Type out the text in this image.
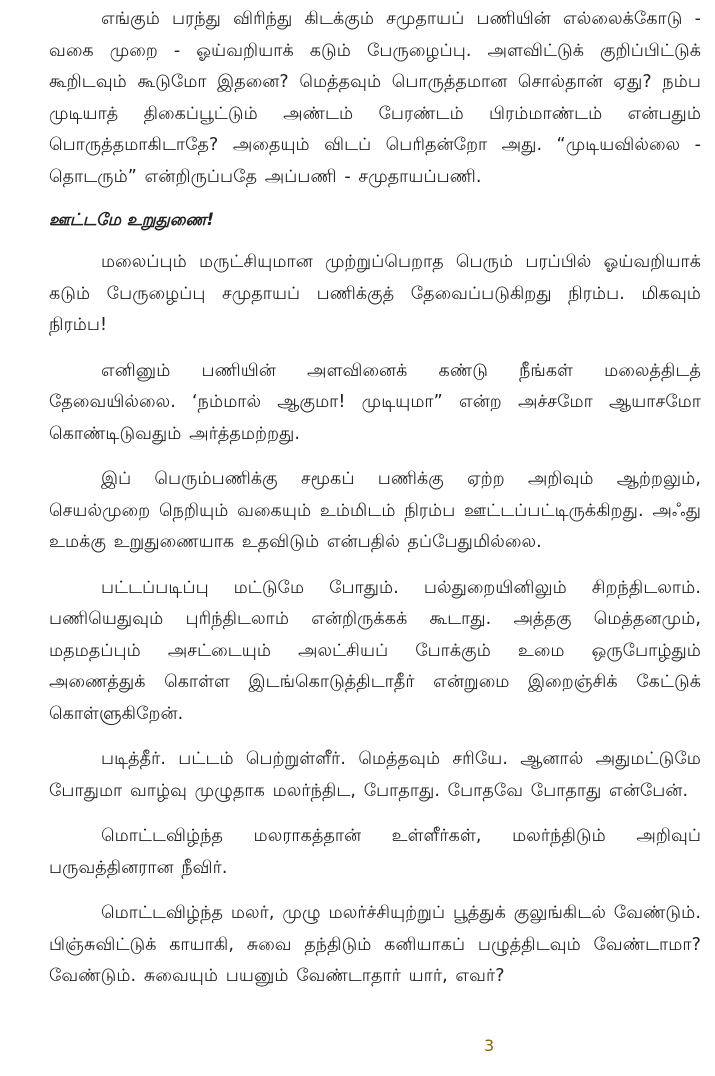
எங்கும் பரந்து விரிந்து கிடக்கும் சமுதாயப் பணியின் எல்லைக்கோடு - வகை முறை - ஓய்வறியாக் கடும் பேருழைப்பு. அளவிட்டுக் குறிப்பிட்டுக் கூறிடவும் கூடுமோ இதனை? மெத்தவும் பொருத்தமான சொல்தான் ஏது? நம்ப முடியாத் திகைப்பூட்டும் அண்டம் பேரண்டம் பிரம்மாண்டம் என்பதும் பொருத்தமாகிடாதே? அதையும் விடப் பெரிதன்றோ அது. “முடியவில்லை - தொடரும்” என்றிருப்பதே அப்பணி - சமுதாயப்பணி.

ஊட்டமே உறுதுணை!

மலைப்பும் மருட்சியுமான முற்றுப்பெறாத பெரும் பரப்பில் ஓய்வறியாக் கடும் பேருழைப்பு சமுதாயப் பணிக்குத் தேவைப்படுகிறது நிரம்ப. மிகவும் நிரம்ப!

எனினும் பணியின் அளவினைக் கண்டு நீங்கள் மலைத்திடத் தேவையில்லை. ‘நம்மால் ஆகுமா! முடியுமா” என்ற அச்சமோ ஆயாசமோ கொண்டிடுவதும் அர்த்தமற்றது.

இப் பெரும்பணிக்கு சமூகப் பணிக்கு ஏற்ற அறிவும் ஆற்றலும், செயல்முறை நெறியும் வகையும் உம்மிடம் நிரம்ப ஊட்டப்பட்டிருக்கிறது. அஃது உமக்கு உறுதுணையாக உதவிடும் என்பதில் தப்பேதுமில்லை.

பட்டப்படிப்பு மட்டுமே போதும். பல்துறையினிலும் சிறந்திடலாம். பணியெதுவும் புரிந்திடலாம் என்றிருக்கக் கூடாது. அத்தகு மெத்தனமும், மதமதப்பும் அசட்டையும் அலட்சியப் போக்கும் உமை ஒருபோழ்தும் அணைத்துக் கொள்ள இடங்கொடுத்திடாதீர் என்றுமை இறைஞ்சிக் கேட்டுக் கொள்ளுகிறேன்.

படித்தீர். பட்டம் பெற்றுள்ளீர். மெத்தவும் சரியே. ஆனால் அதுமட்டுமே போதுமா வாழ்வு முழுதாக மலர்ந்திட, போதாது. போதவே போதாது என்பேன்.

மொட்டவிழ்ந்த மலராகத்தான் உள்ளீர்கள், மலர்ந்திடும் அறிவுப் பருவத்தினரான நீவிர்.

மொட்டவிழ்ந்த மலர், முழு மலர்ச்சியுற்றுப் பூத்துக் குலுங்கிடல் வேண்டும். பிஞ்சுவிட்டுக் காயாகி, சுவை தந்திடும் கனியாகப் பழுத்திடவும் வேண்டாமா? வேண்டும். சுவையும் பயனும் வேண்டாதார் யார், எவர்?

3
